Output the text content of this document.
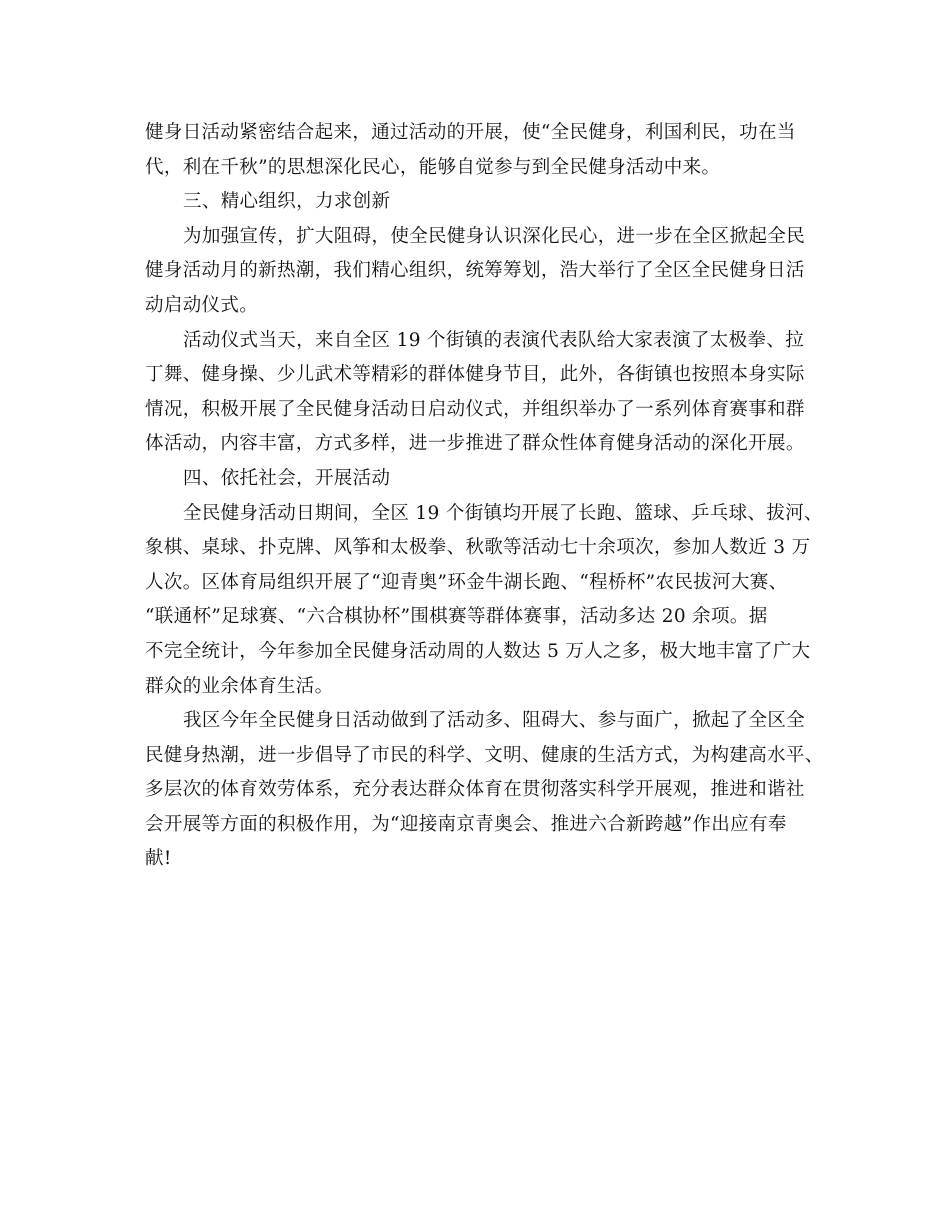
健身日活动紧密结合起来，通过活动的开展，使“全民健身，利国利民，功在当
代，利在千秋”的思想深化民心，能够自觉参与到全民健身活动中来。
三、精心组织，力求创新
为加强宣传，扩大阻碍，使全民健身认识深化民心，进一步在全区掀起全民
健身活动月的新热潮，我们精心组织，统筹筹划，浩大举行了全区全民健身日活
动启动仪式。
活动仪式当天，来自全区 19 个街镇的表演代表队给大家表演了太极拳、拉
丁舞、健身操、少儿武术等精彩的群体健身节目，此外，各街镇也按照本身实际
情况，积极开展了全民健身活动日启动仪式，并组织举办了一系列体育赛事和群
体活动，内容丰富，方式多样，进一步推进了群众性体育健身活动的深化开展。
四、依托社会，开展活动
全民健身活动日期间，全区 19 个街镇均开展了长跑、篮球、乒乓球、拔河、
象棋、桌球、扑克牌、风筝和太极拳、秋歌等活动七十余项次，参加人数近 3 万
人次。区体育局组织开展了“迎青奥”环金牛湖长跑、“程桥杯”农民拔河大赛、
“联通杯”足球赛、“六合棋协杯”围棋赛等群体赛事，活动多达 20 余项。据
不完全统计，今年参加全民健身活动周的人数达 5 万人之多，极大地丰富了广大
群众的业余体育生活。
我区今年全民健身日活动做到了活动多、阻碍大、参与面广，掀起了全区全
民健身热潮，进一步倡导了市民的科学、文明、健康的生活方式，为构建高水平、
多层次的体育效劳体系，充分表达群众体育在贯彻落实科学开展观，推进和谐社
会开展等方面的积极作用，为“迎接南京青奥会、推进六合新跨越”作出应有奉
献!
